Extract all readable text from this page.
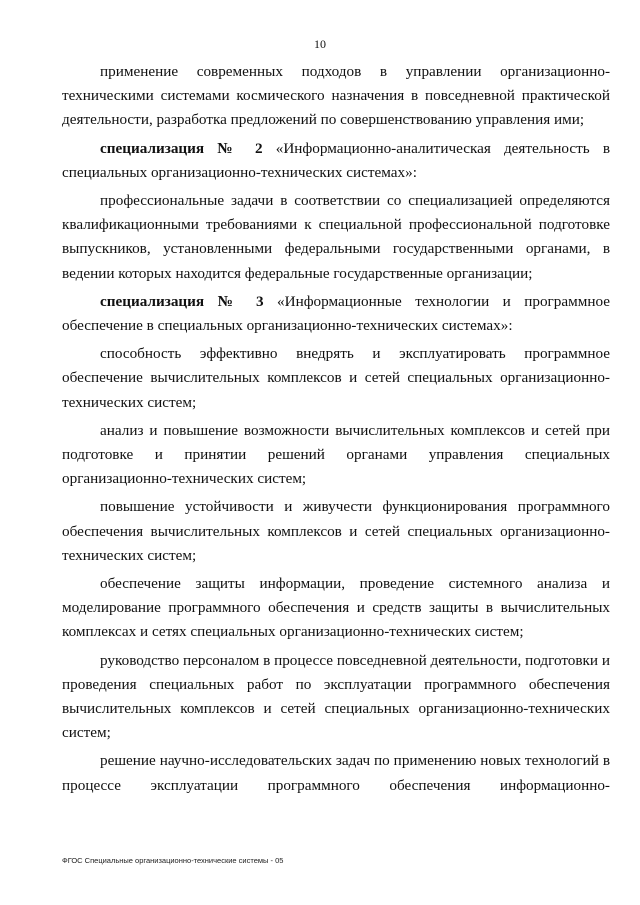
10

применение современных подходов в управлении организационно-техническими системами космического назначения в повседневной практической деятельности, разработка предложений по совершенствованию управления ими;

специализация № 2 «Информационно-аналитическая деятельность в специальных организационно-технических системах»:

профессиональные задачи в соответствии со специализацией определяются квалификационными требованиями к специальной профессиональной подготовке выпускников, установленными федеральными государственными органами, в ведении которых находится федеральные государственные организации;

специализация № 3 «Информационные технологии и программное обеспечение в специальных организационно-технических системах»:

способность эффективно внедрять и эксплуатировать программное обеспечение вычислительных комплексов и сетей специальных организационно-технических систем;

анализ и повышение возможности вычислительных комплексов и сетей при подготовке и принятии решений органами управления специальных организационно-технических систем;

повышение устойчивости и живучести функционирования программного обеспечения вычислительных комплексов и сетей специальных организационно-технических систем;

обеспечение защиты информации, проведение системного анализа и моделирование программного обеспечения и средств защиты в вычислительных комплексах и сетях специальных организационно-технических систем;

руководство персоналом в процессе повседневной деятельности, подготовки и проведения специальных работ по эксплуатации программного обеспечения вычислительных комплексов и сетей специальных организационно-технических систем;

решение научно-исследовательских задач по применению новых технологий в процессе эксплуатации программного обеспечения информационно-

ФГОС Специальные организационно-технические системы - 05
